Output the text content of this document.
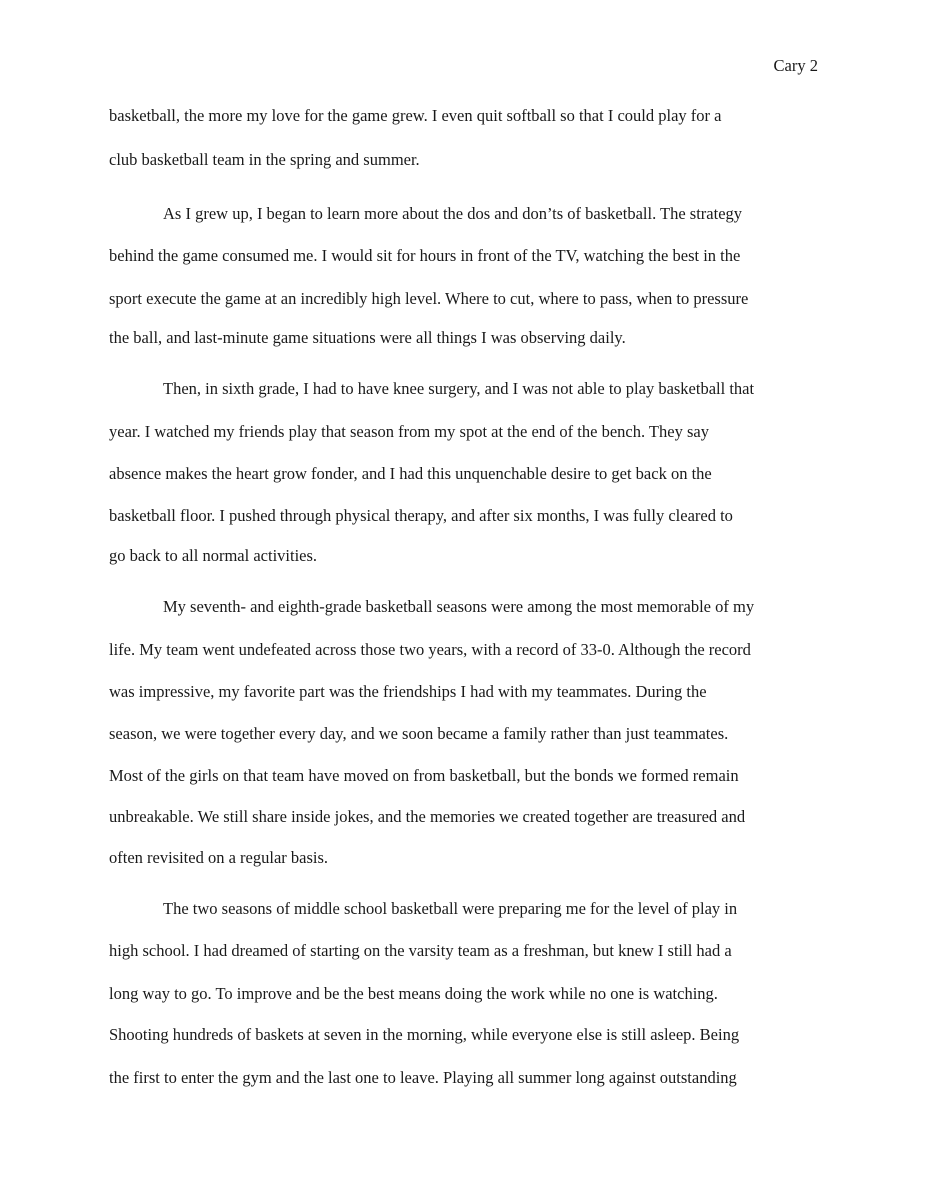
Cary 2
basketball, the more my love for the game grew. I even quit softball so that I could play for a
club basketball team in the spring and summer.
As I grew up, I began to learn more about the dos and don’ts of basketball. The strategy
behind the game consumed me. I would sit for hours in front of the TV, watching the best in the
sport execute the game at an incredibly high level. Where to cut, where to pass, when to pressure
the ball, and last-minute game situations were all things I was observing daily.
Then, in sixth grade, I had to have knee surgery, and I was not able to play basketball that
year. I watched my friends play that season from my spot at the end of the bench. They say
absence makes the heart grow fonder, and I had this unquenchable desire to get back on the
basketball floor. I pushed through physical therapy, and after six months, I was fully cleared to
go back to all normal activities.
My seventh- and eighth-grade basketball seasons were among the most memorable of my
life. My team went undefeated across those two years, with a record of 33-0. Although the record
was impressive, my favorite part was the friendships I had with my teammates. During the
season, we were together every day, and we soon became a family rather than just teammates.
Most of the girls on that team have moved on from basketball, but the bonds we formed remain
unbreakable. We still share inside jokes, and the memories we created together are treasured and
often revisited on a regular basis.
The two seasons of middle school basketball were preparing me for the level of play in
high school. I had dreamed of starting on the varsity team as a freshman, but knew I still had a
long way to go. To improve and be the best means doing the work while no one is watching.
Shooting hundreds of baskets at seven in the morning, while everyone else is still asleep. Being
the first to enter the gym and the last one to leave. Playing all summer long against outstanding
